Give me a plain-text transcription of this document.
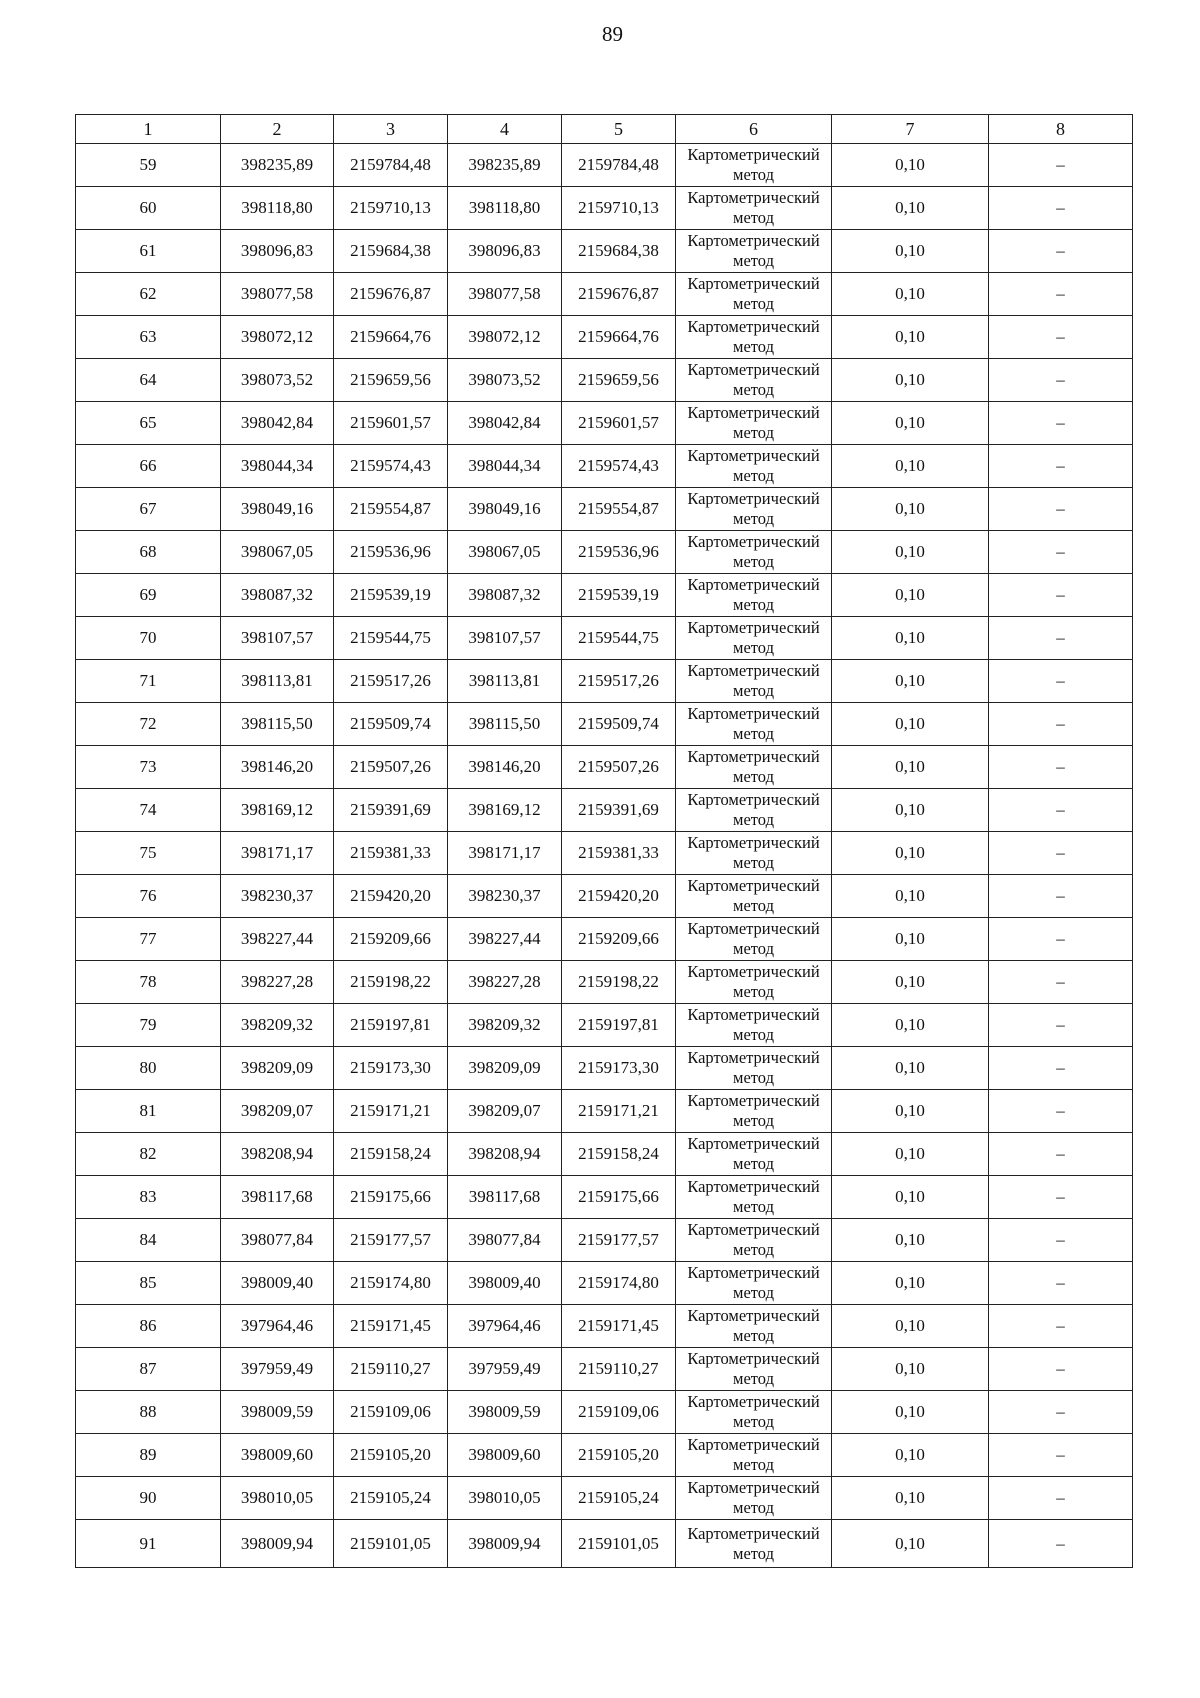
89
1	2	3	4	5	6	7	8
59	398235,89	2159784,48	398235,89	2159784,48	Картометрический
метод	0,10	–
60	398118,80	2159710,13	398118,80	2159710,13	Картометрический
метод	0,10	–
61	398096,83	2159684,38	398096,83	2159684,38	Картометрический
метод	0,10	–
62	398077,58	2159676,87	398077,58	2159676,87	Картометрический
метод	0,10	–
63	398072,12	2159664,76	398072,12	2159664,76	Картометрический
метод	0,10	–
64	398073,52	2159659,56	398073,52	2159659,56	Картометрический
метод	0,10	–
65	398042,84	2159601,57	398042,84	2159601,57	Картометрический
метод	0,10	–
66	398044,34	2159574,43	398044,34	2159574,43	Картометрический
метод	0,10	–
67	398049,16	2159554,87	398049,16	2159554,87	Картометрический
метод	0,10	–
68	398067,05	2159536,96	398067,05	2159536,96	Картометрический
метод	0,10	–
69	398087,32	2159539,19	398087,32	2159539,19	Картометрический
метод	0,10	–
70	398107,57	2159544,75	398107,57	2159544,75	Картометрический
метод	0,10	–
71	398113,81	2159517,26	398113,81	2159517,26	Картометрический
метод	0,10	–
72	398115,50	2159509,74	398115,50	2159509,74	Картометрический
метод	0,10	–
73	398146,20	2159507,26	398146,20	2159507,26	Картометрический
метод	0,10	–
74	398169,12	2159391,69	398169,12	2159391,69	Картометрический
метод	0,10	–
75	398171,17	2159381,33	398171,17	2159381,33	Картометрический
метод	0,10	–
76	398230,37	2159420,20	398230,37	2159420,20	Картометрический
метод	0,10	–
77	398227,44	2159209,66	398227,44	2159209,66	Картометрический
метод	0,10	–
78	398227,28	2159198,22	398227,28	2159198,22	Картометрический
метод	0,10	–
79	398209,32	2159197,81	398209,32	2159197,81	Картометрический
метод	0,10	–
80	398209,09	2159173,30	398209,09	2159173,30	Картометрический
метод	0,10	–
81	398209,07	2159171,21	398209,07	2159171,21	Картометрический
метод	0,10	–
82	398208,94	2159158,24	398208,94	2159158,24	Картометрический
метод	0,10	–
83	398117,68	2159175,66	398117,68	2159175,66	Картометрический
метод	0,10	–
84	398077,84	2159177,57	398077,84	2159177,57	Картометрический
метод	0,10	–
85	398009,40	2159174,80	398009,40	2159174,80	Картометрический
метод	0,10	–
86	397964,46	2159171,45	397964,46	2159171,45	Картометрический
метод	0,10	–
87	397959,49	2159110,27	397959,49	2159110,27	Картометрический
метод	0,10	–
88	398009,59	2159109,06	398009,59	2159109,06	Картометрический
метод	0,10	–
89	398009,60	2159105,20	398009,60	2159105,20	Картометрический
метод	0,10	–
90	398010,05	2159105,24	398010,05	2159105,24	Картометрический
метод	0,10	–
91	398009,94	2159101,05	398009,94	2159101,05	Картометрический
метод	0,10	–
